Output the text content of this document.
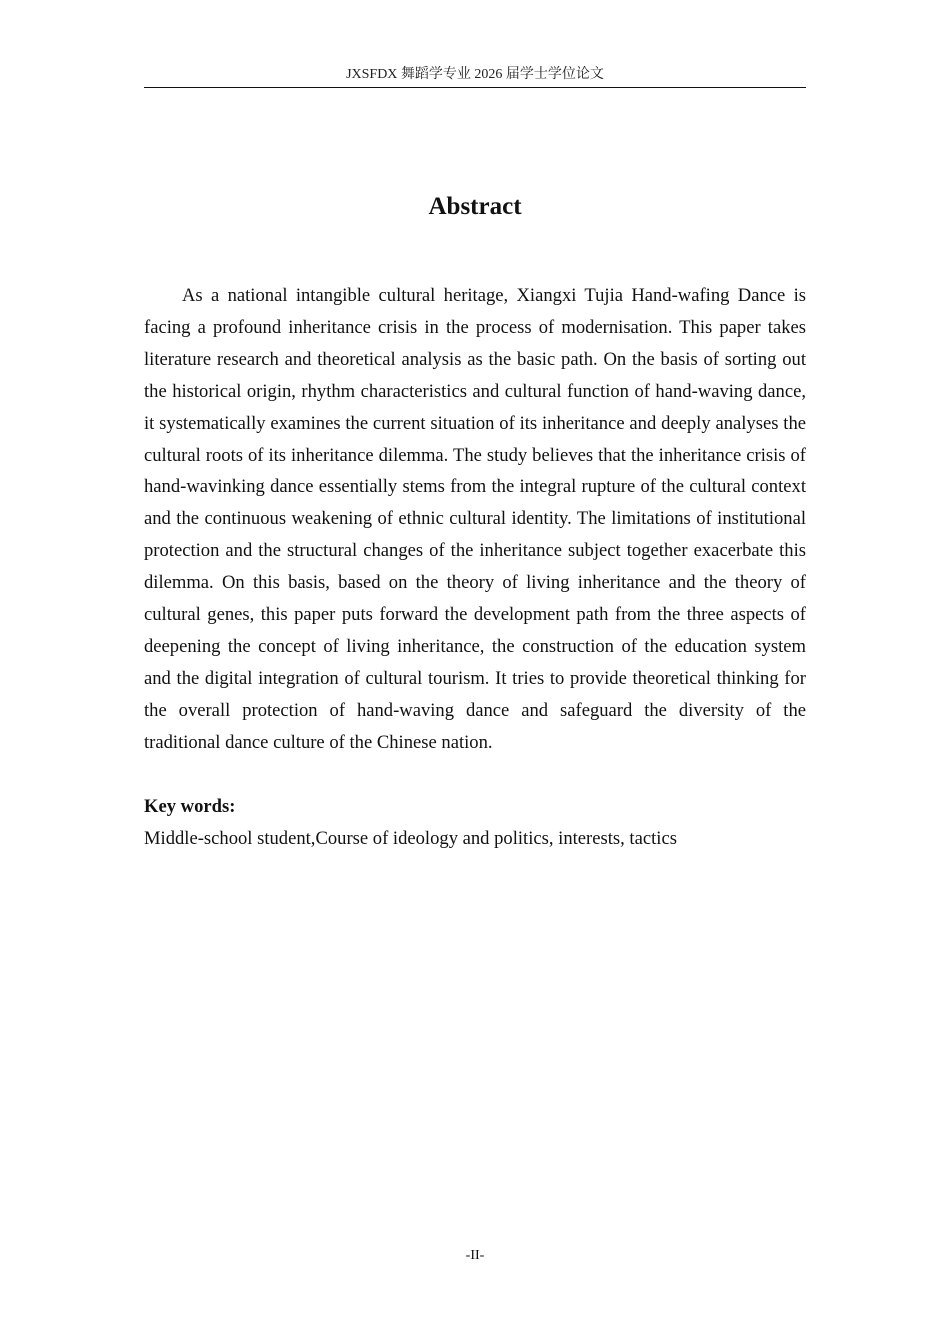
JXSFDX 舞蹈学专业 2026 届学士学位论文
Abstract

As a national intangible cultural heritage, Xiangxi Tujia Hand-wafing Dance is facing a profound inheritance crisis in the process of modernisation. This paper takes literature research and theoretical analysis as the basic path. On the basis of sorting out the historical origin, rhythm characteristics and cultural function of hand-waving dance, it systematically examines the current situation of its inheritance and deeply analyses the cultural roots of its inheritance dilemma. The study believes that the inheritance crisis of hand-wavinking dance essentially stems from the integral rupture of the cultural context and the continuous weakening of ethnic cultural identity. The limitations of institutional protection and the structural changes of the inheritance subject together exacerbate this dilemma. On this basis, based on the theory of living inheritance and the theory of cultural genes, this paper puts forward the development path from the three aspects of deepening the concept of living inheritance, the construction of the education system and the digital integration of cultural tourism. It tries to provide theoretical thinking for the overall protection of hand-waving dance and safeguard the diversity of the traditional dance culture of the Chinese nation.

Key words:
Middle-school student,Course of ideology and politics, interests, tactics
-II-
